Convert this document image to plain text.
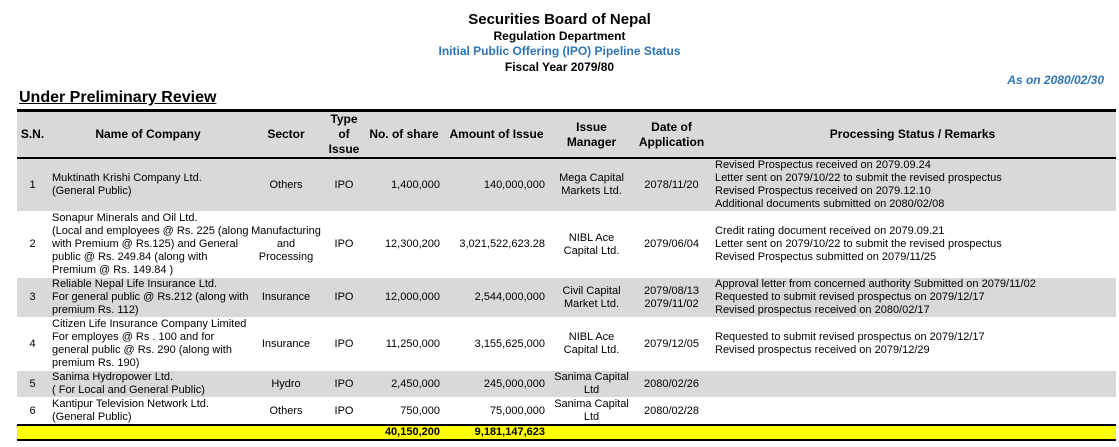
Securities Board of Nepal
Regulation Department
Initial Public Offering (IPO) Pipeline Status
Fiscal Year 2079/80
As on 2080/02/30
Under Preliminary Review
S.N.	Name of Company	Sector	Type
of
Issue	No. of share	Amount of Issue	Issue Manager	Date of
Application	Processing Status / Remarks
1	Muktinath Krishi Company Ltd.
(General Public)	Others	IPO	1,400,000	140,000,000	Mega Capital
Markets Ltd.	2078/11/20	Revised Prospectus received on 2079.09.24
Letter sent on 2079/10/22 to submit the revised prospectus
Revised Prospectus received on 2079.12.10
Additional documents submitted on 2080/02/08

2	Sonapur Minerals and Oil Ltd.
(Local and employees @ Rs. 225 (along
with Premium @ Rs.125) and General
public @ Rs. 249.84 (along with
Premium @ Rs. 149.84 )	Manufacturing
and
Processing	IPO	12,300,200	3,021,522,623.28	NIBL Ace
Capital Ltd.	2079/06/04	Credit rating document received on 2079.09.21
Letter sent on 2079/10/22 to submit the revised prospectus
Revised Prospectus submitted on 2079/11/25

3	Reliable Nepal Life Insurance Ltd.
For general public @ Rs.212 (along with
premium Rs. 112)	Insurance	IPO	12,000,000	2,544,000,000	Civil Capital
Market Ltd.	2079/08/13
2079/11/02	Approval letter from concerned authority Submitted on 2079/11/02
Requested to submit revised prospectus on 2079/12/17
Revised prospectus received on 2080/02/17

4	Citizen Life Insurance Company Limited
For employes @ Rs . 100 and for
general public @ Rs. 290 (along with
premium Rs. 190)	Insurance	IPO	11,250,000	3,155,625,000	NIBL Ace
Capital Ltd.	2079/12/05	Requested to submit revised prospectus on 2079/12/17
Revised prospectus received on 2079/12/29

5	Sanima Hydropower Ltd.
( For Local and General Public)	Hydro	IPO	2,450,000	245,000,000	Sanima Capital
Ltd	2080/02/26	

6	Kantipur Television Network Ltd.
(General Public)	Others	IPO	750,000	75,000,000	Sanima Capital
Ltd	2080/02/28	

				40,150,200	9,181,147,623			
